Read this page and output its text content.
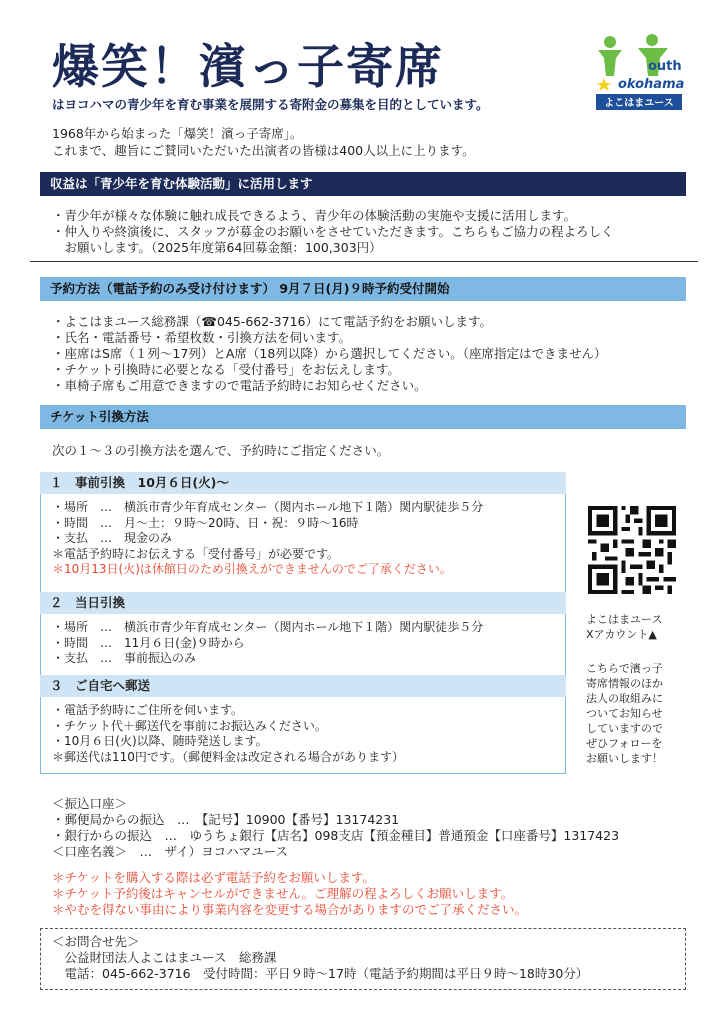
爆笑！濱っ子寄席
はヨコハマの青少年を育む事業を展開する寄附金の募集を目的としています。
outh
okohama
よこはまユース
1968年から始まった「爆笑！濱っ子寄席」。
これまで、趣旨にご賛同いただいた出演者の皆様は400人以上に上ります。
収益は「青少年を育む体験活動」に活用します
・青少年が様々な体験に触れ成長できるよう、青少年の体験活動の実施や支援に活用します。
・仲入りや終演後に、スタッフが募金のお願いをさせていただきます。こちらもご協力の程よろしく
　お願いします。（2025年度第64回募金額：100,303円）
予約方法（電話予約のみ受け付けます） 9月７日(月)９時予約受付開始
・よこはまユース総務課（☎045-662-3716）にて電話予約をお願いします。
・氏名・電話番号・希望枚数・引換方法を伺います。
・座席はS席（１列～17列）とA席（18列以降）から選択してください。（座席指定はできません）
・チケット引換時に必要となる「受付番号」をお伝えします。
・車椅子席もご用意できますので電話予約時にお知らせください。
チケット引換方法
次の１～３の引換方法を選んで、予約時にご指定ください。
１　事前引換　10月６日(火)～
・場所　…　横浜市青少年育成センター（関内ホール地下１階）関内駅徒歩５分
・時間　…　月～土：９時～20時、日・祝：９時～16時
・支払　…　現金のみ
＊電話予約時にお伝えする「受付番号」が必要です。
＊10月13日(火)は休館日のため引換えができませんのでご了承ください。
２　当日引換
・場所　…　横浜市青少年育成センター（関内ホール地下１階）関内駅徒歩５分
・時間　…　11月６日(金)９時から
・支払　…　事前振込のみ
３　ご自宅へ郵送
・電話予約時にご住所を伺います。
・チケット代＋郵送代を事前にお振込みください。
・10月６日(火)以降、随時発送します。
＊郵送代は110円です。（郵便料金は改定される場合があります）
よこはまユース
Xアカウント▲
こちらで濱っ子
寄席情報のほか
法人の取組みに
ついてお知らせ
していますので
ぜひフォローを
お願いします！
＜振込口座＞
・郵便局からの振込　…　【記号】10900【番号】13174231
・銀行からの振込　…　ゆうちょ銀行【店名】098支店【預金種目】普通預金【口座番号】1317423
＜口座名義＞　…　ザイ）ヨコハマユース
＊チケットを購入する際は必ず電話予約をお願いします。
＊チケット予約後はキャンセルができません。ご理解の程よろしくお願いします。
＊やむを得ない事由により事業内容を変更する場合がありますのでご了承ください。
＜お問合せ先＞
　公益財団法人よこはまユース　総務課
　電話：045-662-3716　受付時間：平日９時～17時（電話予約期間は平日９時～18時30分）
